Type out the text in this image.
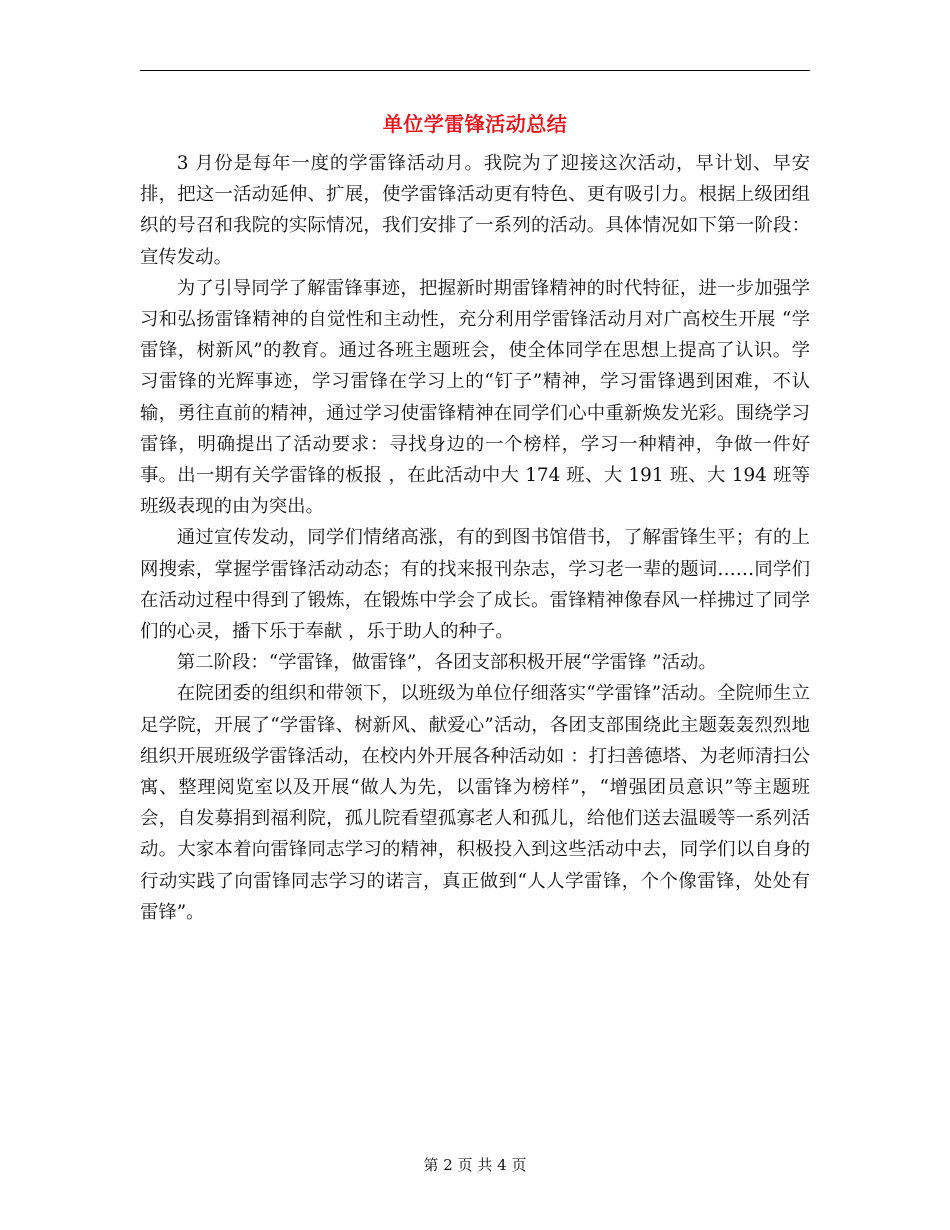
单位学雷锋活动总结

3 月份是每年一度的学雷锋活动月。我院为了迎接这次活动，早计划、早安排，把这一活动延伸、扩展，使学雷锋活动更有特色、更有吸引力。根据上级团组织的号召和我院的实际情况，我们安排了一系列的活动。具体情况如下第一阶段：宣传发动。

为了引导同学了解雷锋事迹，把握新时期雷锋精神的时代特征，进一步加强学习和弘扬雷锋精神的自觉性和主动性，充分利用学雷锋活动月对广高校生开展 “学雷锋，树新风”的教育。通过各班主题班会，使全体同学在思想上提高了认识。学习雷锋的光辉事迹，学习雷锋在学习上的“钉子”精神，学习雷锋遇到困难，不认输，勇往直前的精神，通过学习使雷锋精神在同学们心中重新焕发光彩。围绕学习雷锋，明确提出了活动要求：寻找身边的一个榜样，学习一种精神，争做一件好事。出一期有关学雷锋的板报 ，在此活动中大 174 班、大 191 班、大 194 班等班级表现的由为突出。

通过宣传发动，同学们情绪高涨，有的到图书馆借书，了解雷锋生平；有的上网搜索，掌握学雷锋活动动态；有的找来报刊杂志，学习老一辈的题词……同学们在活动过程中得到了锻炼，在锻炼中学会了成长。雷锋精神像春风一样拂过了同学们的心灵，播下乐于奉献 ，乐于助人的种子。

第二阶段：“学雷锋，做雷锋”，各团支部积极开展“学雷锋 ”活动。

在院团委的组织和带领下，以班级为单位仔细落实“学雷锋”活动。全院师生立足学院，开展了“学雷锋、树新风、献爱心”活动，各团支部围绕此主题轰轰烈烈地组织开展班级学雷锋活动，在校内外开展各种活动如 ：打扫善德塔、为老师清扫公寓、整理阅览室以及开展“做人为先，以雷锋为榜样”，“增强团员意识”等主题班会，自发募捐到福利院，孤儿院看望孤寡老人和孤儿，给他们送去温暖等一系列活动。大家本着向雷锋同志学习的精神，积极投入到这些活动中去，同学们以自身的行动实践了向雷锋同志学习的诺言，真正做到“人人学雷锋，个个像雷锋，处处有雷锋”。

第 2 页 共 4 页
